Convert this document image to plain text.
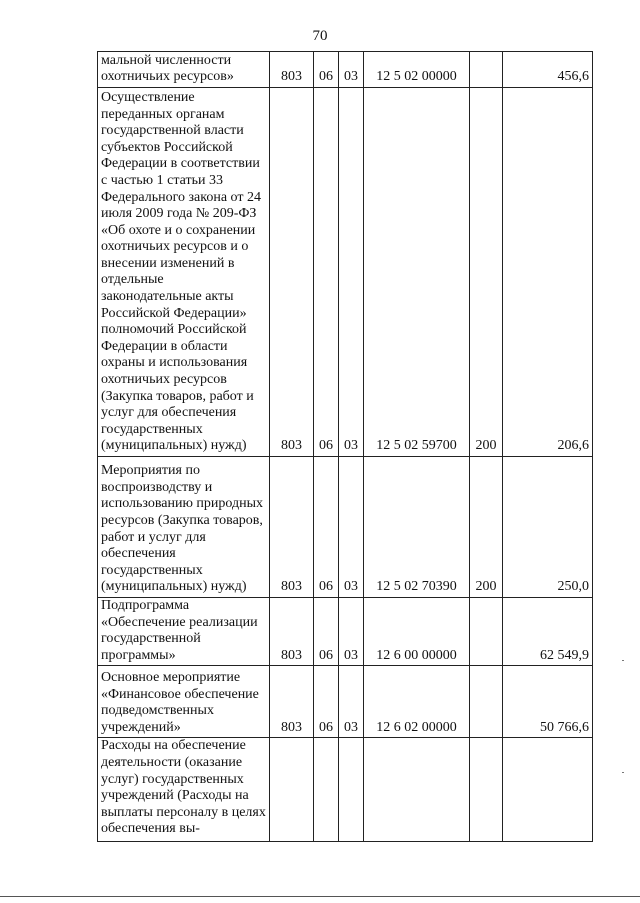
70
мальной численности охотничьих ресурсов»	803	06	03	12 5 02 00000		456,6
Осуществление переданных органам государственной власти субъектов Российской Федерации в соответствии с частью 1 статьи 33 Федерального закона от 24 июля 2009 года № 209-ФЗ «Об охоте и о сохранении охотничьих ресурсов и о внесении изменений в отдельные законодательные акты Российской Федерации» полномочий Российской Федерации в области охраны и использования охотничьих ресурсов (Закупка товаров, работ и услуг для обеспечения государственных (муниципальных) нужд)	803	06	03	12 5 02 59700	200	206,6
Мероприятия по воспроизводству и использованию природных ресурсов (Закупка товаров, работ и услуг для обеспечения государственных (муниципальных) нужд)	803	06	03	12 5 02 70390	200	250,0
Подпрограмма «Обеспечение реализации государственной программы»	803	06	03	12 6 00 00000		62 549,9
Основное мероприятие «Финансовое обеспечение подведомственных учреждений»	803	06	03	12 6 02 00000		50 766,6
Расходы на обеспечение деятельности (оказание услуг) государственных учреждений (Расходы на выплаты персоналу в целях обеспечения вы-						
